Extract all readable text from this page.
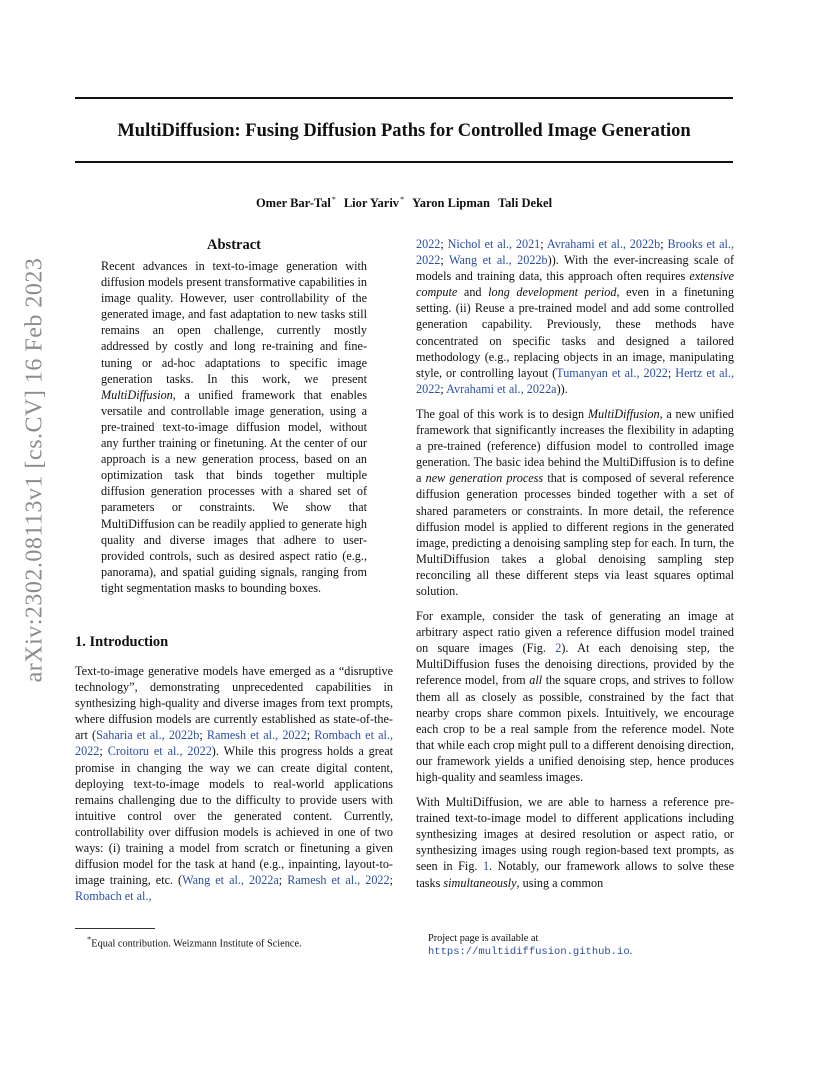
MultiDiffusion: Fusing Diffusion Paths for Controlled Image Generation
Omer Bar-Tal* Lior Yariv* Yaron Lipman Tali Dekel
arXiv:2302.08113v1 [cs.CV] 16 Feb 2023
Abstract

Recent advances in text-to-image generation with diffusion models present transformative capabilities in image quality. However, user controllability of the generated image, and fast adaptation to new tasks still remains an open challenge, currently mostly addressed by costly and long re-training and fine-tuning or ad-hoc adaptations to specific image generation tasks. In this work, we present MultiDiffusion, a unified framework that enables versatile and controllable image generation, using a pre-trained text-to-image diffusion model, without any further training or finetuning. At the center of our approach is a new generation process, based on an optimization task that binds together multiple diffusion generation processes with a shared set of parameters or constraints. We show that MultiDiffusion can be readily applied to generate high quality and diverse images that adhere to user-provided controls, such as desired aspect ratio (e.g., panorama), and spatial guiding signals, ranging from tight segmentation masks to bounding boxes.

1. Introduction

Text-to-image generative models have emerged as a “disruptive technology”, demonstrating unprecedented capabilities in synthesizing high-quality and diverse images from text prompts, where diffusion models are currently established as state-of-the-art (Saharia et al., 2022b; Ramesh et al., 2022; Rombach et al., 2022; Croitoru et al., 2022). While this progress holds a great promise in changing the way we can create digital content, deploying text-to-image models to real-world applications remains challenging due to the difficulty to provide users with intuitive control over the generated content. Currently, controllability over diffusion models is achieved in one of two ways: (i) training a model from scratch or finetuning a given diffusion model for the task at hand (e.g., inpainting, layout-to-image training, etc. (Wang et al., 2022a; Ramesh et al., 2022; Rombach et al.,

2022; Nichol et al., 2021; Avrahami et al., 2022b; Brooks et al., 2022; Wang et al., 2022b)). With the ever-increasing scale of models and training data, this approach often requires extensive compute and long development period, even in a finetuning setting. (ii) Reuse a pre-trained model and add some controlled generation capability. Previously, these methods have concentrated on specific tasks and designed a tailored methodology (e.g., replacing objects in an image, manipulating style, or controlling layout (Tumanyan et al., 2022; Hertz et al., 2022; Avrahami et al., 2022a)).

The goal of this work is to design MultiDiffusion, a new unified framework that significantly increases the flexibility in adapting a pre-trained (reference) diffusion model to controlled image generation. The basic idea behind the MultiDiffusion is to define a new generation process that is composed of several reference diffusion generation processes binded together with a set of shared parameters or constraints. In more detail, the reference diffusion model is applied to different regions in the generated image, predicting a denoising sampling step for each. In turn, the MultiDiffusion takes a global denoising sampling step reconciling all these different steps via least squares optimal solution.

For example, consider the task of generating an image at arbitrary aspect ratio given a reference diffusion model trained on square images (Fig. 2). At each denoising step, the MultiDiffusion fuses the denoising directions, provided by the reference model, from all the square crops, and strives to follow them all as closely as possible, constrained by the fact that nearby crops share common pixels. Intuitively, we encourage each crop to be a real sample from the reference model. Note that while each crop might pull to a different denoising direction, our framework yields a unified denoising step, hence produces high-quality and seamless images.

With MultiDiffusion, we are able to harness a reference pre-trained text-to-image model to different applications including synthesizing images at desired resolution or aspect ratio, or synthesizing images using rough region-based text prompts, as seen in Fig. 1. Notably, our framework allows to solve these tasks simultaneously, using a common

*Equal contribution. Weizmann Institute of Science.	Project page is available at https://multidiffusion.github.io.
